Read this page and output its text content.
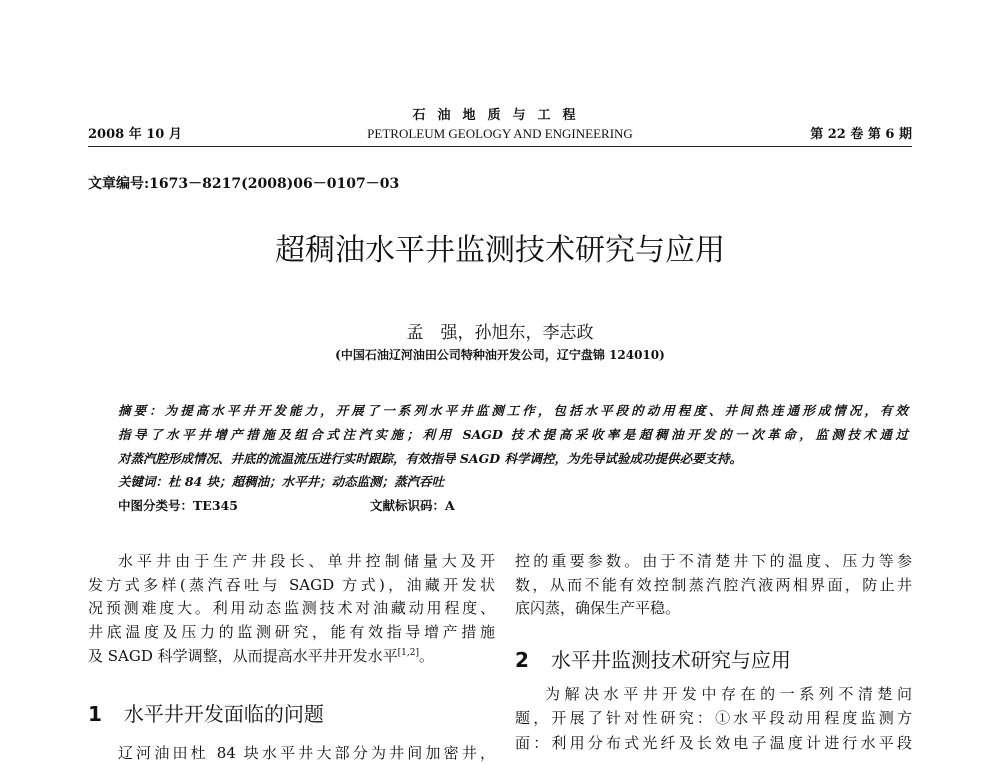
2008 年 10 月
石油地质与工程
PETROLEUM GEOLOGY AND ENGINEERING	第 22 卷 第 6 期
文章编号:1673－8217(2008)06－0107－03
超稠油水平井监测技术研究与应用
孟　强，孙旭东，李志政
(中国石油辽河油田公司特种油开发公司，辽宁盘锦 124010)
摘要：为提高水平井开发能力，开展了一系列水平井监测工作，包括水平段的动用程度、井间热连通形成情况，有效
指导了水平井增产措施及组合式注汽实施；利用 SAGD 技术提高采收率是超稠油开发的一次革命，监测技术通过
对蒸汽腔形成情况、井底的流温流压进行实时跟踪，有效指导 SAGD 科学调控，为先导试验成功提供必要支持。
关键词：杜 84 块；超稠油；水平井；动态监测；蒸汽吞吐
中图分类号：TE345	文献标识码：A
水平井由于生产井段长、单井控制储量大及开
发方式多样(蒸汽吞吐与 SAGD 方式)，油藏开发状
况预测难度大。利用动态监测技术对油藏动用程度、
井底温度及压力的监测研究，能有效指导增产措施
及 SAGD 科学调整，从而提高水平井开发水平[1,2]。
1 水平井开发面临的问题
辽河油田杜 84 块水平井大部分为井间加密井，
控的重要参数。由于不清楚井下的温度、压力等参
数，从而不能有效控制蒸汽腔汽液两相界面，防止井
底闪蒸，确保生产平稳。
2 水平井监测技术研究与应用
为解决水平井开发中存在的一系列不清楚问
题，开展了针对性研究：①水平段动用程度监测方
面：利用分布式光纤及长效电子温度计进行水平段
